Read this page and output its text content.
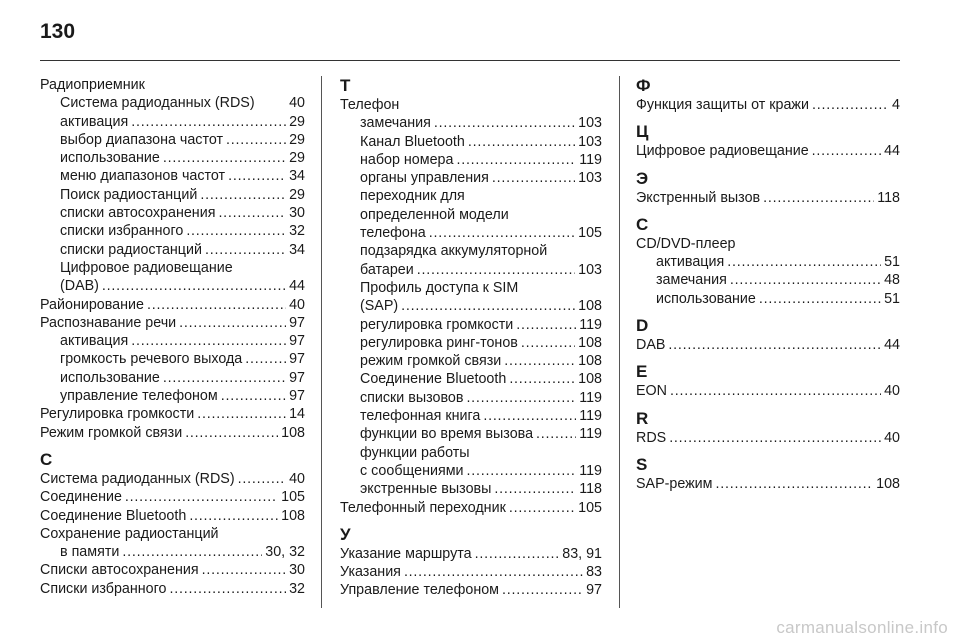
130
Радиоприемник
Система радиоданных (RDS) 40
активация . . .	29
выбор диапазона частот . . .	29
использование . . .	29
меню диапазонов частот . . .	34
Поиск радиостанций . . .	29
списки автосохранения . . .	30
списки избранного . . .	32
списки радиостанций . . .	34
Цифровое радиовещание
(DAB) . . .	44
Районирование . . .	40
Распознавание речи . . .	97
активация . . .	97
громкость речевого выхода . . .	97
использование . . .	97
управление телефоном . . .	97
Регулировка громкости . . .	14
Режим громкой связи . . .	108
С
Система радиоданных (RDS) . . .	40
Соединение . . .	105
Соединение Bluetooth . . .	108
Сохранение радиостанций
в памяти . . .	30, 32
Списки автосохранения . . .	30
Списки избранного . . .	32
Т
Телефон
замечания . . .	103
Канал Bluetooth . . .	103
набор номера . . .	119
органы управления . . .	103
переходник для
определенной модели
телефона . . .	105
подзарядка аккумуляторной
батареи . . .	103
Профиль доступа к SIM
(SAP) . . .	108
регулировка громкости . . .	119
регулировка ринг-тонов . . .	108
режим громкой связи . . .	108
Соединение Bluetooth . . .	108
списки вызовов . . .	119
телефонная книга . . .	119
функции во время вызова . . .	119
функции работы
с сообщениями . . .	119
экстренные вызовы . . .	118
Телефонный переходник . . .	105
У
Указание маршрута . . .	83, 91
Указания . . .	83
Управление телефоном . . .	97
Ф
Функция защиты от кражи . . .	4
Ц
Цифровое радиовещание . . .	44
Э
Экстренный вызов . . .	118
C
CD/DVD-плеер
активация . . .	51
замечания . . .	48
использование . . .	51
D
DAB . . .	44
E
EON . . .	40
R
RDS . . .	40
S
SAP-режим . . .	108
carmanualsonline.info
